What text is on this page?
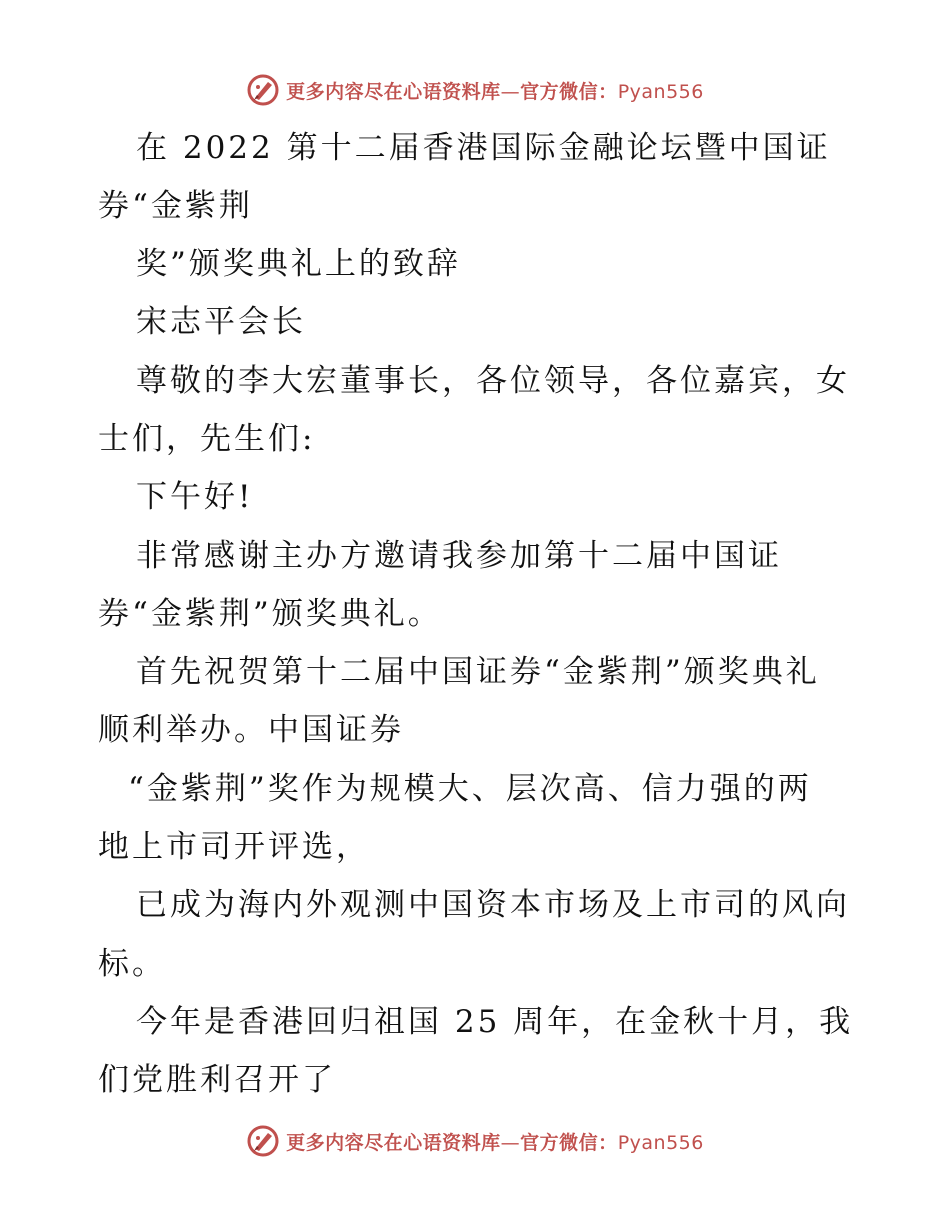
更多内容尽在心语资料库—官方微信：Pyan556
在 2022 第十二届香港国际金融论坛暨中国证
券“金紫荆
奖”颁奖典礼上的致辞
宋志平会长
尊敬的李大宏董事长，各位领导，各位嘉宾，女
士们，先生们:
下午好!
非常感谢主办方邀请我参加第十二届中国证
券“金紫荆”颁奖典礼。
首先祝贺第十二届中国证券“金紫荆”颁奖典礼
顺利举办。中国证券
“金紫荆”奖作为规模大、层次高、信力强的两
地上市司开评选，
已成为海内外观测中国资本市场及上市司的风向
标。
今年是香港回归祖国 25 周年，在金秋十月，我
们党胜利召开了
更多内容尽在心语资料库—官方微信：Pyan556
